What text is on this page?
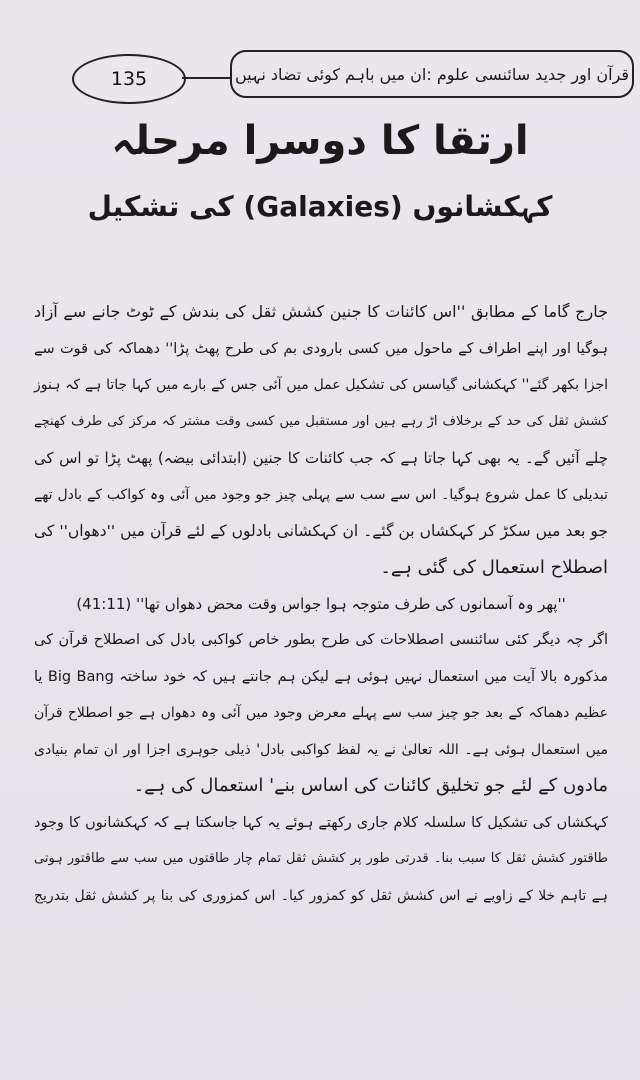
135	قرآن اور جدید سائنسی علوم :ان میں باہم کوئی تضاد نہیں
ارتقا کا دوسرا مرحلہ
کہکشانوں (Galaxies) کی تشکیل
جارج گاما کے مطابق ''اس کائنات کا جنین کشش ثقل کی بندش کے ٹوٹ جانے سے آزاد
ہوگیا اور اپنے اطراف کے ماحول میں کسی بارودی بم کی طرح پھٹ پڑا'' دھماکہ کی قوت سے
اجزا بکھر گئے'' کہکشانی گیاسس کی تشکیل عمل میں آئی جس کے بارے میں کہا جاتا ہے کہ ہنوز
کشش ثقل کی حد کے برخلاف اڑ رہے ہیں اور مستقبل میں کسی وقت مشتر کہ مرکز کی طرف کھنچے
چلے آئیں گے۔ یہ بھی کہا جاتا ہے کہ جب کائنات کا جنین (ابتدائی بیضہ) پھٹ پڑا تو اس کی
تبدیلی کا عمل شروع ہوگیا۔ اس سے سب سے پہلی چیز جو وجود میں آئی وہ کواکب کے بادل تھے
جو بعد میں سکڑ کر کہکشاں بن گئے۔ ان کہکشانی بادلوں کے لئے قرآن میں ''دھواں'' کی
اصطلاح استعمال کی گئی ہے۔
''پھر وہ آسمانوں کی طرف متوجہ ہوا جواس وقت محض دھواں تھا'' (41:11)
اگر چہ دیگر کئی سائنسی اصطلاحات کی طرح بطور خاص کواکبی بادل کی اصطلاح قرآن کی
مذکورہ بالا آیت میں استعمال نہیں ہوئی ہے لیکن ہم جانتے ہیں کہ خود ساختہ Big Bang یا
عظیم دھماکہ کے بعد جو چیز سب سے پہلے معرض وجود میں آئی وہ دھواں ہے جو اصطلاح قرآن
میں استعمال ہوئی ہے۔ اللہ تعالیٰ نے یہ لفظ کواکبی بادل' ذیلی جوہری اجزا اور ان تمام بنیادی
مادوں کے لئے جو تخلیق کائنات کی اساس بنے' استعمال کی ہے۔
کہکشاں کی تشکیل کا سلسلہ کلام جاری رکھتے ہوئے یہ کہا جاسکتا ہے کہ کہکشانوں کا وجود
طاقتور کشش ثقل کا سبب بنا۔ قدرتی طور پر کشش ثقل تمام چار طاقتوں میں سب سے طاقتور ہوتی
ہے تاہم خلا کے زاویے نے اس کشش ثقل کو کمزور کیا۔ اس کمزوری کی بنا پر کشش ثقل بتدریج
